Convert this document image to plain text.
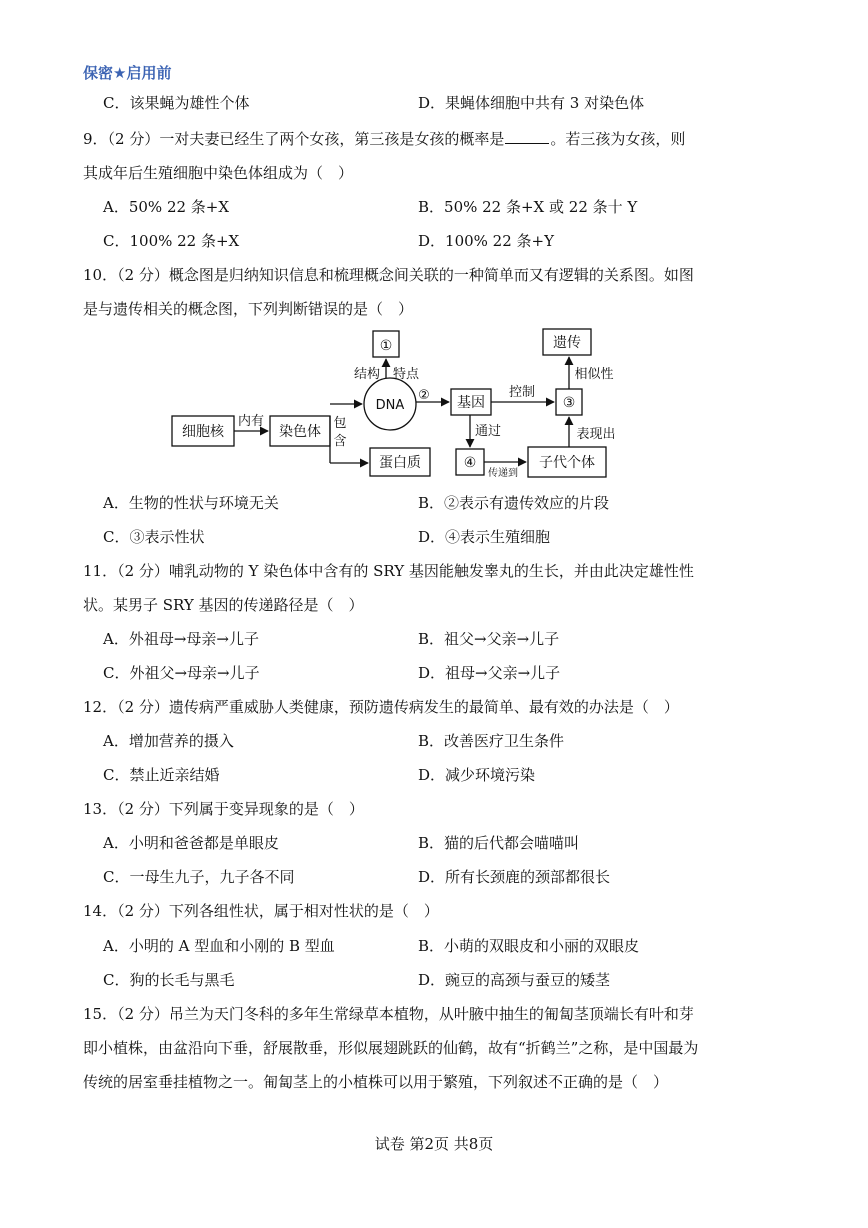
保密★启用前
C．该果蝇为雄性个体	D．果蝇体细胞中共有 3 对染色体
9．（2 分）一对夫妻已经生了两个女孩，第三孩是女孩的概率是	。若三孩为女孩，则
其成年后生殖细胞中染色体组成为（　）
A．50% 22 条+X	B．50% 22 条+X 或 22 条十 Y
C．100% 22 条+X	D．100% 22 条+Y
10．（2 分）概念图是归纳知识信息和梳理概念间关联的一种简单而又有逻辑的关系图。如图
是与遗传相关的概念图，下列判断错误的是（　）
细胞核
内有
染色体
包
含
DNA
②
结构 特点
①
蛋白质
基因
控制
③
遗传
相似性
通过
④
传递到
子代个体
表现出
A．生物的性状与环境无关	B．②表示有遗传效应的片段
C．③表示性状	D．④表示生殖细胞
11．（2 分）哺乳动物的 Y 染色体中含有的 SRY 基因能触发睾丸的生长，并由此决定雄性性
状。某男子 SRY 基因的传递路径是（　）
A．外祖母→母亲→儿子	B．祖父→父亲→儿子
C．外祖父→母亲→儿子	D．祖母→父亲→儿子
12．（2 分）遗传病严重威胁人类健康，预防遗传病发生的最简单、最有效的办法是（　）
A．增加营养的摄入	B．改善医疗卫生条件
C．禁止近亲结婚	D．减少环境污染
13．（2 分）下列属于变异现象的是（　）
A．小明和爸爸都是单眼皮	B．猫的后代都会喵喵叫
C．一母生九子，九子各不同	D．所有长颈鹿的颈部都很长
14．（2 分）下列各组性状，属于相对性状的是（　）
A．小明的 A 型血和小刚的 B 型血	B．小萌的双眼皮和小丽的双眼皮
C．狗的长毛与黑毛	D．豌豆的高颈与蚕豆的矮茎
15．（2 分）吊兰为天门冬科的多年生常绿草本植物，从叶腋中抽生的匍匐茎顶端长有叶和芽
即小植株，由盆沿向下垂，舒展散垂，形似展翅跳跃的仙鹤，故有“折鹤兰”之称，是中国最为
传统的居室垂挂植物之一。匍匐茎上的小植株可以用于繁殖，下列叙述不正确的是（　）
试卷 第2页 共8页
